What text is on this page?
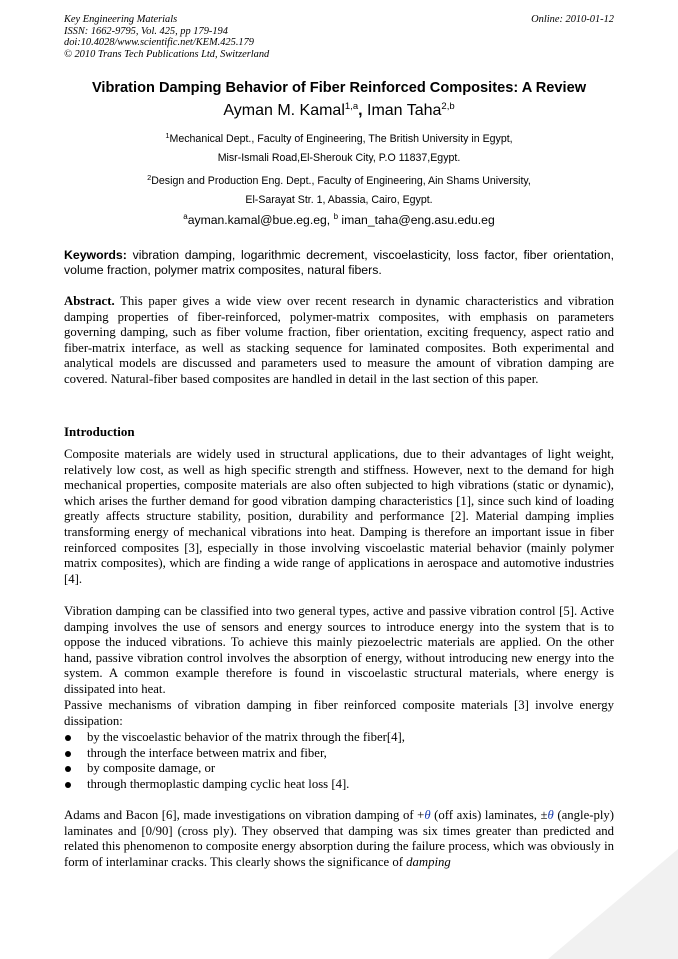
Key Engineering Materials
ISSN: 1662-9795, Vol. 425, pp 179-194
doi:10.4028/www.scientific.net/KEM.425.179
© 2010 Trans Tech Publications Ltd, Switzerland
Online: 2010-01-12
Vibration Damping Behavior of Fiber Reinforced Composites: A Review
Ayman M. Kamal$^{1,a}$, Iman Taha$^{2,b}$
$^1$Mechanical Dept., Faculty of Engineering, The British University in Egypt,
Misr-Ismali Road,El-Sherouk City, P.O 11837,Egypt.
$^2$Design and Production Eng. Dept., Faculty of Engineering, Ain Shams University,
El-Sarayat Str. 1, Abassia, Cairo, Egypt.
$^a$ayman.kamal@bue.eg.eg, $^b$ iman_taha@eng.asu.edu.eg
Keywords: vibration damping, logarithmic decrement, viscoelasticity, loss factor, fiber orientation, volume fraction, polymer matrix composites, natural fibers.
Abstract. This paper gives a wide view over recent research in dynamic characteristics and vibration damping properties of fiber-reinforced, polymer-matrix composites, with emphasis on parameters governing damping, such as fiber volume fraction, fiber orientation, exciting frequency, aspect ratio and fiber-matrix interface, as well as stacking sequence for laminated composites. Both experimental and analytical models are discussed and parameters used to measure the amount of vibration damping are covered. Natural-fiber based composites are handled in detail in the last section of this paper.
Introduction
Composite materials are widely used in structural applications, due to their advantages of light weight, relatively low cost, as well as high specific strength and stiffness. However, next to the demand for high mechanical properties, composite materials are also often subjected to high vibrations (static or dynamic), which arises the further demand for good vibration damping characteristics [1], since such kind of loading greatly affects structure stability, position, durability and performance [2]. Material damping implies transforming energy of mechanical vibrations into heat. Damping is therefore an important issue in fiber reinforced composites [3], especially in those involving viscoelastic material behavior (mainly polymer matrix composites), which are finding a wide range of applications in aerospace and automotive industries [4].
Vibration damping can be classified into two general types, active and passive vibration control [5]. Active damping involves the use of sensors and energy sources to introduce energy into the system that is to oppose the induced vibrations. To achieve this mainly piezoelectric materials are applied. On the other hand, passive vibration control involves the absorption of energy, without introducing new energy into the system. A common example therefore is found in viscoelastic structural materials, where energy is dissipated into heat.
Passive mechanisms of vibration damping in fiber reinforced composite materials [3] involve energy dissipation:
by the viscoelastic behavior of the matrix through the fiber[4],
through the interface between matrix and fiber,
by composite damage, or
through thermoplastic damping cyclic heat loss [4].
Adams and Bacon [6], made investigations on vibration damping of +θ (off axis) laminates, ±θ (angle-ply) laminates and [0/90] (cross ply). They observed that damping was six times greater than predicted and related this phenomenon to composite energy absorption during the failure process, which was obviously in form of interlaminar cracks. This clearly shows the significance of damping
